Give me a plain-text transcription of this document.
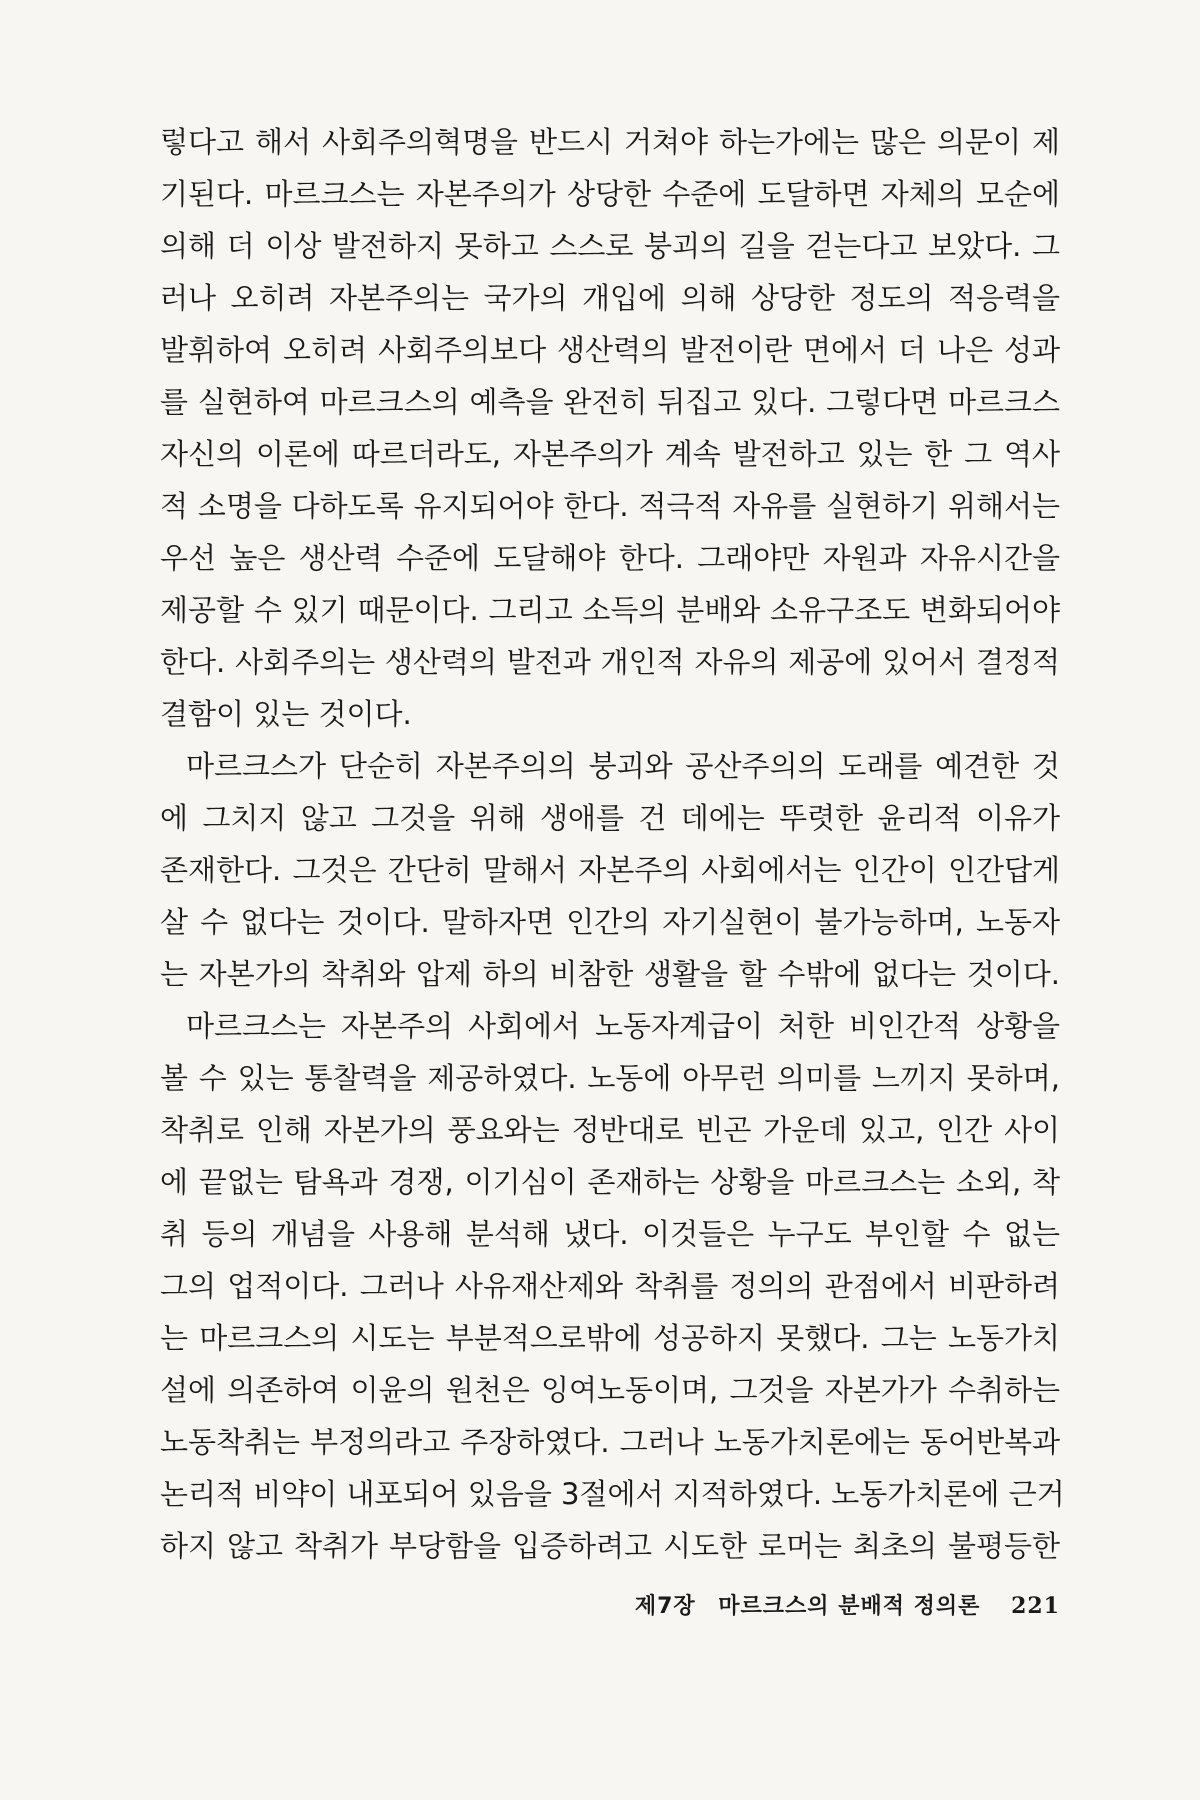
렇다고 해서 사회주의혁명을 반드시 거쳐야 하는가에는 많은 의문이 제
기된다. 마르크스는 자본주의가 상당한 수준에 도달하면 자체의 모순에
의해 더 이상 발전하지 못하고 스스로 붕괴의 길을 걷는다고 보았다. 그
러나 오히려 자본주의는 국가의 개입에 의해 상당한 정도의 적응력을
발휘하여 오히려 사회주의보다 생산력의 발전이란 면에서 더 나은 성과
를 실현하여 마르크스의 예측을 완전히 뒤집고 있다. 그렇다면 마르크스
자신의 이론에 따르더라도, 자본주의가 계속 발전하고 있는 한 그 역사
적 소명을 다하도록 유지되어야 한다. 적극적 자유를 실현하기 위해서는
우선 높은 생산력 수준에 도달해야 한다. 그래야만 자원과 자유시간을
제공할 수 있기 때문이다. 그리고 소득의 분배와 소유구조도 변화되어야
한다. 사회주의는 생산력의 발전과 개인적 자유의 제공에 있어서 결정적
결함이 있는 것이다.
마르크스가 단순히 자본주의의 붕괴와 공산주의의 도래를 예견한 것
에 그치지 않고 그것을 위해 생애를 건 데에는 뚜렷한 윤리적 이유가
존재한다. 그것은 간단히 말해서 자본주의 사회에서는 인간이 인간답게
살 수 없다는 것이다. 말하자면 인간의 자기실현이 불가능하며, 노동자
는 자본가의 착취와 압제 하의 비참한 생활을 할 수밖에 없다는 것이다.
마르크스는 자본주의 사회에서 노동자계급이 처한 비인간적 상황을
볼 수 있는 통찰력을 제공하였다. 노동에 아무런 의미를 느끼지 못하며,
착취로 인해 자본가의 풍요와는 정반대로 빈곤 가운데 있고, 인간 사이
에 끝없는 탐욕과 경쟁, 이기심이 존재하는 상황을 마르크스는 소외, 착
취 등의 개념을 사용해 분석해 냈다. 이것들은 누구도 부인할 수 없는
그의 업적이다. 그러나 사유재산제와 착취를 정의의 관점에서 비판하려
는 마르크스의 시도는 부분적으로밖에 성공하지 못했다. 그는 노동가치
설에 의존하여 이윤의 원천은 잉여노동이며, 그것을 자본가가 수취하는
노동착취는 부정의라고 주장하였다. 그러나 노동가치론에는 동어반복과
논리적 비약이 내포되어 있음을 3절에서 지적하였다. 노동가치론에 근거
하지 않고 착취가 부당함을 입증하려고 시도한 로머는 최초의 불평등한
제7장 마르크스의 분배적 정의론 221
